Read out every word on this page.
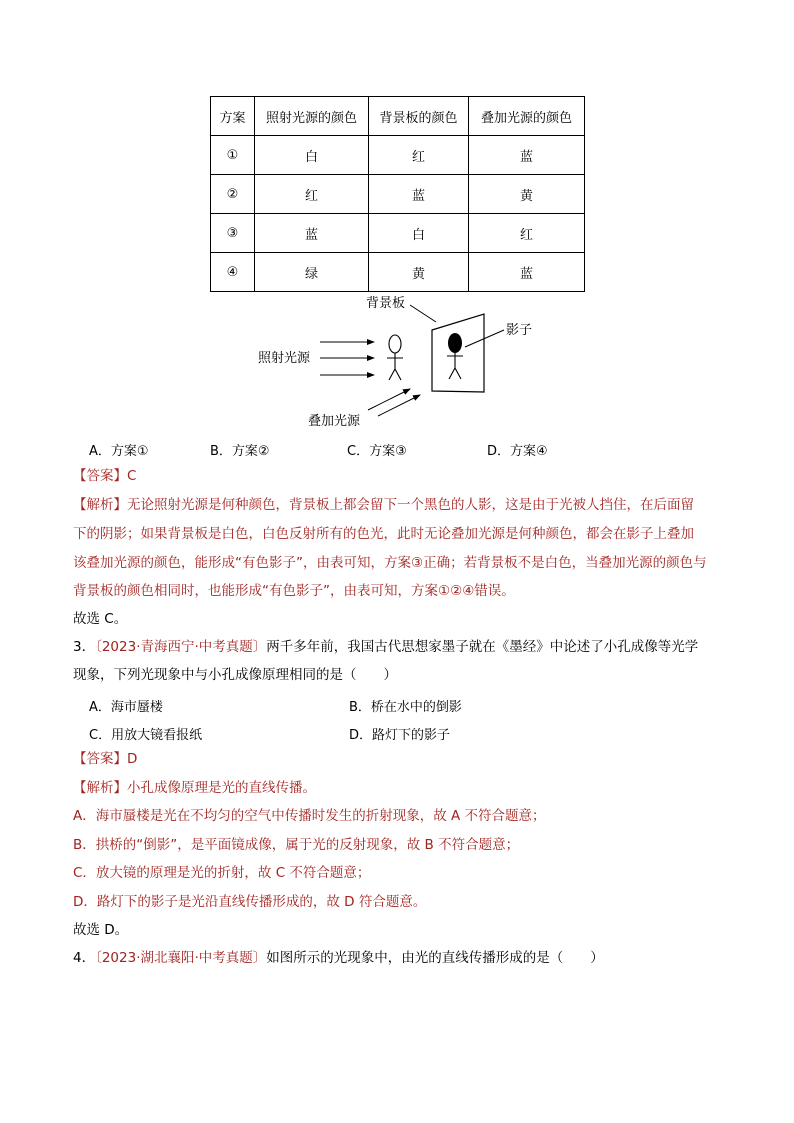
方案	照射光源的颜色	背景板的颜色	叠加光源的颜色
①	白	红	蓝
②	红	蓝	黄
③	蓝	白	红
④	绿	黄	蓝
背景板
影子
照射光源
叠加光源
A．方案①	B．方案②	C．方案③	D．方案④
【答案】C
【解析】无论照射光源是何种颜色，背景板上都会留下一个黑色的人影，这是由于光被人挡住，在后面留
下的阴影；如果背景板是白色，白色反射所有的色光，此时无论叠加光源是何种颜色，都会在影子上叠加
该叠加光源的颜色，能形成“有色影子”，由表可知，方案③正确；若背景板不是白色，当叠加光源的颜色与
背景板的颜色相同时，也能形成“有色影子”，由表可知，方案①②④错误。
故选 C。
3．〔2023·青海西宁·中考真题〕两千多年前，我国古代思想家墨子就在《墨经》中论述了小孔成像等光学
现象，下列光现象中与小孔成像原理相同的是（　　）
A．海市蜃楼	B．桥在水中的倒影
C．用放大镜看报纸	D．路灯下的影子
【答案】D
【解析】小孔成像原理是光的直线传播。
A．海市蜃楼是光在不均匀的空气中传播时发生的折射现象，故 A 不符合题意；
B．拱桥的“倒影”，是平面镜成像，属于光的反射现象，故 B 不符合题意；
C．放大镜的原理是光的折射，故 C 不符合题意；
D．路灯下的影子是光沿直线传播形成的，故 D 符合题意。
故选 D。
4．〔2023·湖北襄阳·中考真题〕如图所示的光现象中，由光的直线传播形成的是（　　）
